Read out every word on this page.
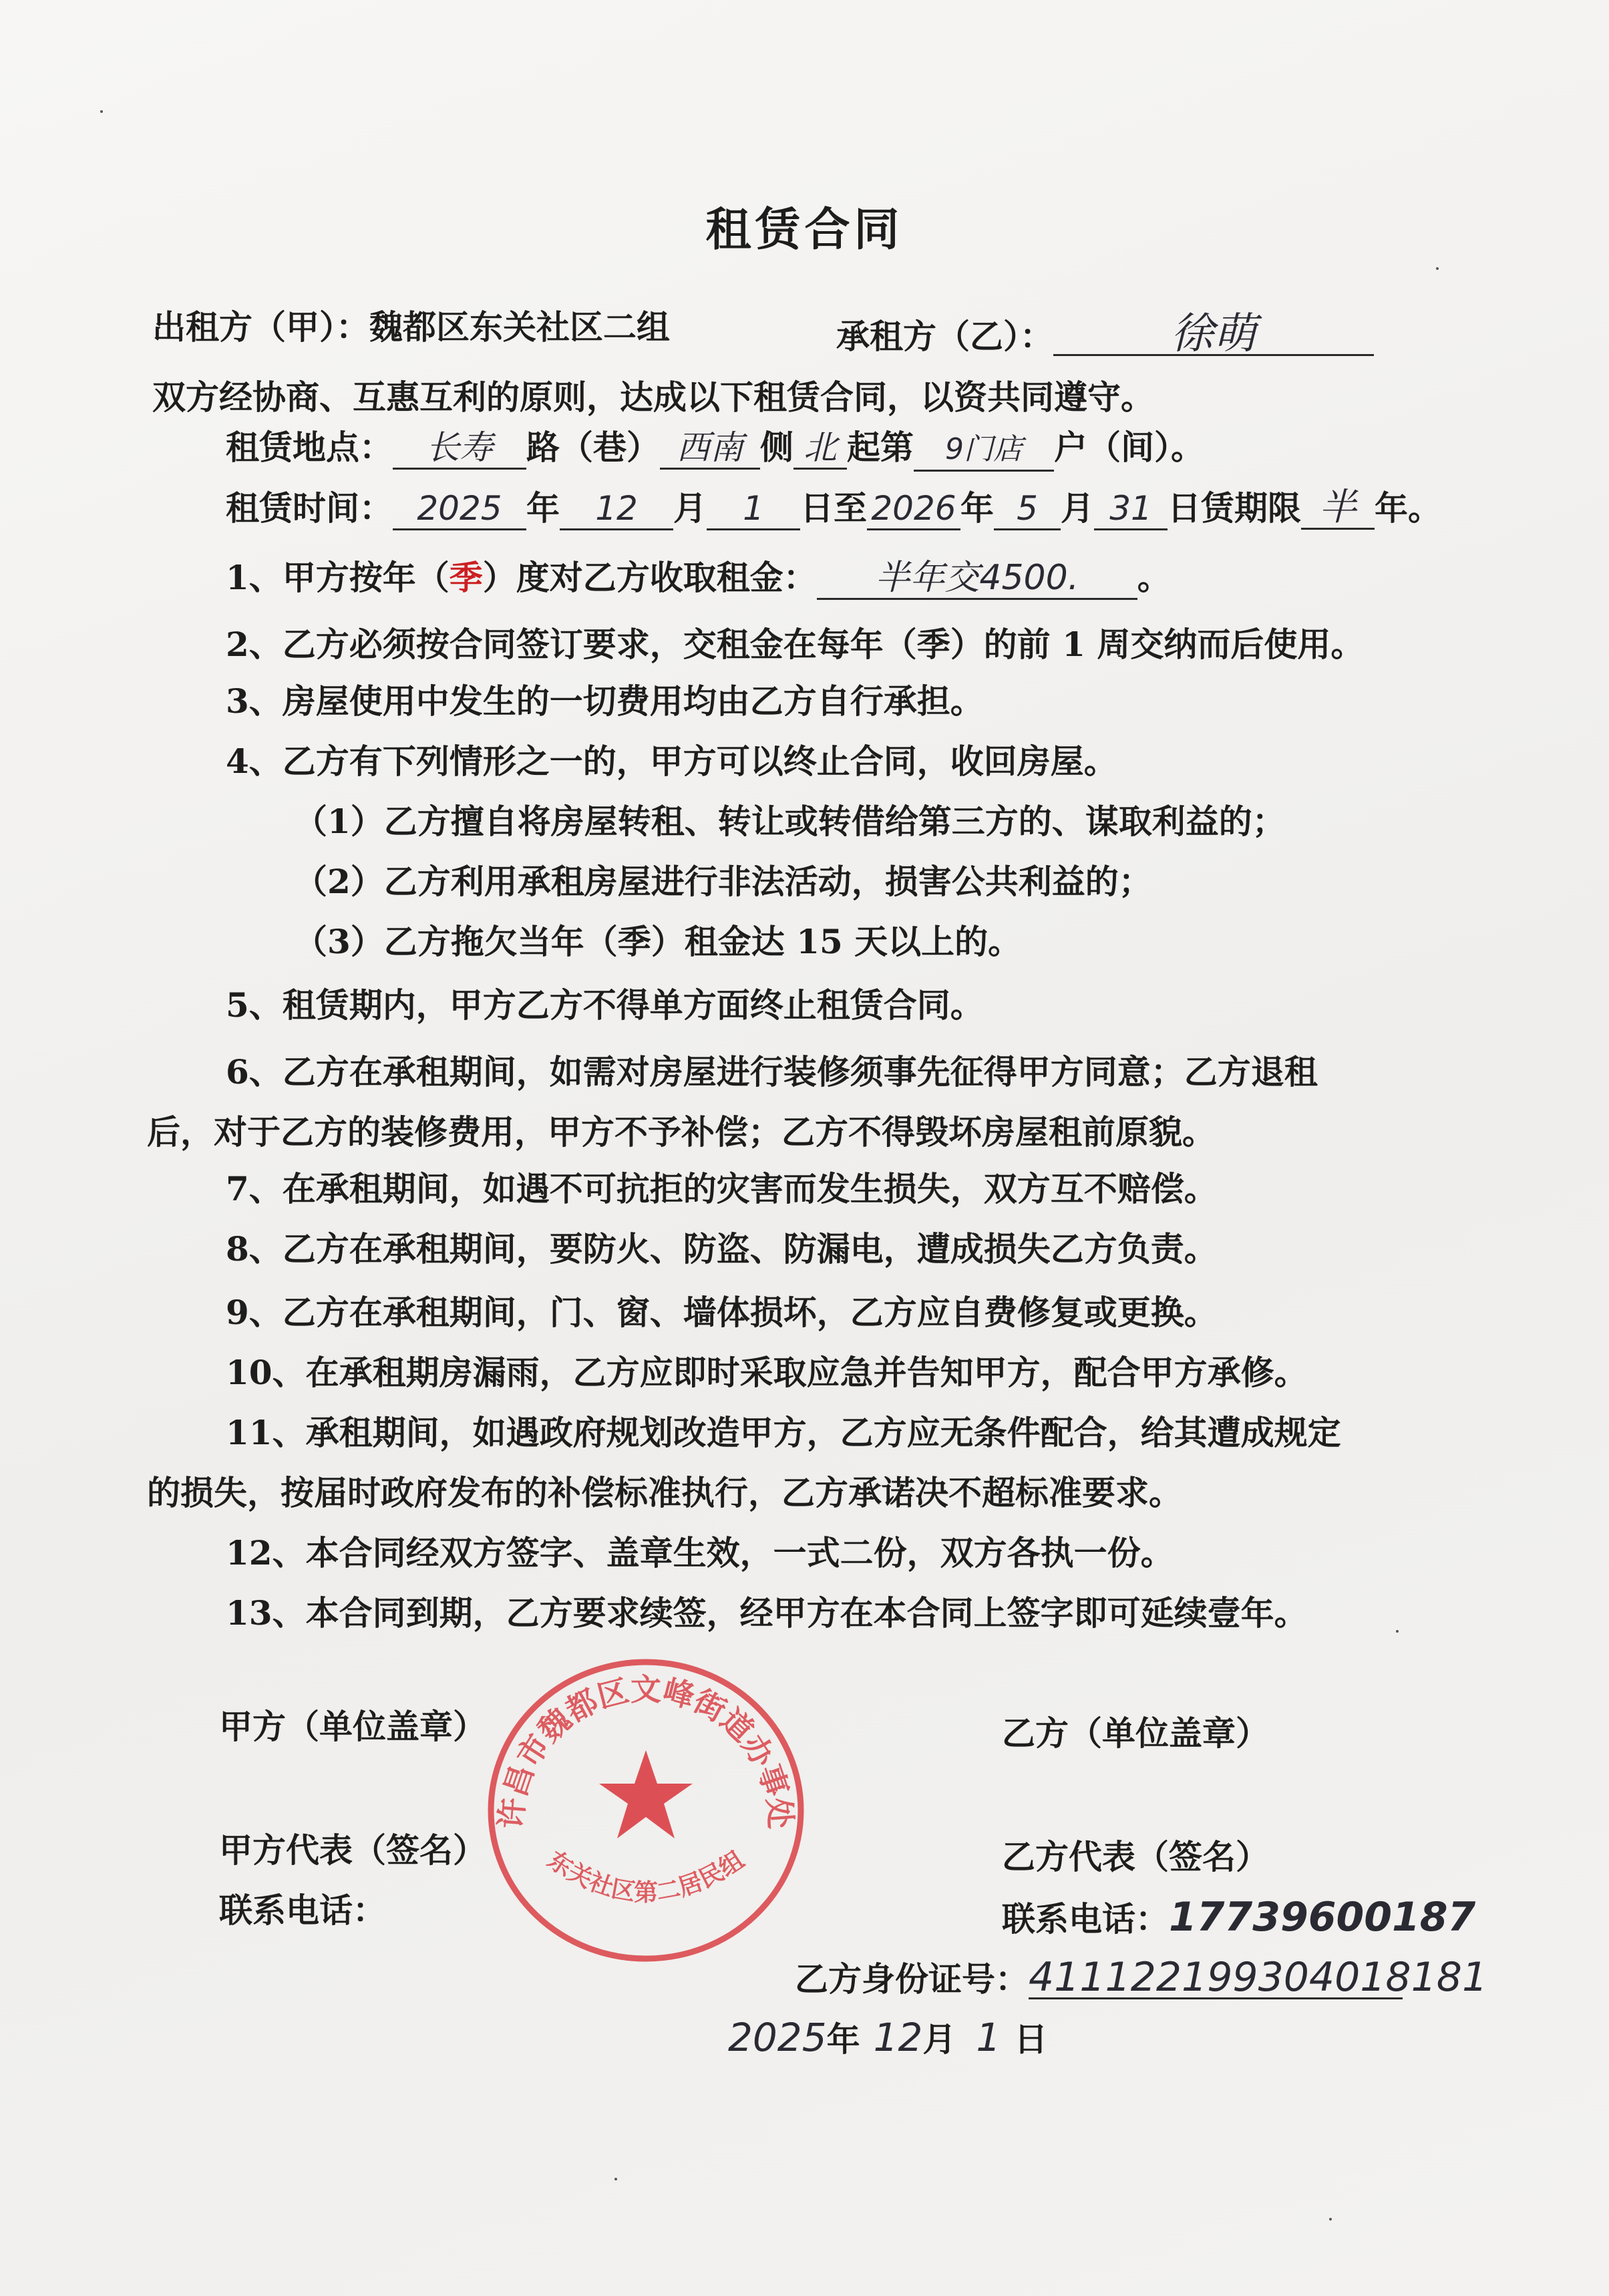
租赁合同
出租方（甲）：魏都区东关社区二组	承租方（乙）：	徐萌
双方经协商、互惠互利的原则，达成以下租赁合同，以资共同遵守。
租赁地点： 长寿 路（巷） 西南 侧 北 起第 9门店 户（间）。
租赁时间： 2025 年 12 月 1 日至 2026 年 5 月 31 日赁期限 半 年。
1、甲方按年（季）度对乙方收取租金： 半年交4500. 。
2、乙方必须按合同签订要求，交租金在每年（季）的前 1 周交纳而后使用。
3、房屋使用中发生的一切费用均由乙方自行承担。
4、乙方有下列情形之一的，甲方可以终止合同，收回房屋。
（1）乙方擅自将房屋转租、转让或转借给第三方的、谋取利益的；
（2）乙方利用承租房屋进行非法活动，损害公共利益的；
（3）乙方拖欠当年（季）租金达 15 天以上的。
5、租赁期内，甲方乙方不得单方面终止租赁合同。
6、乙方在承租期间，如需对房屋进行装修须事先征得甲方同意；乙方退租
后，对于乙方的装修费用，甲方不予补偿；乙方不得毁坏房屋租前原貌。
7、在承租期间，如遇不可抗拒的灾害而发生损失，双方互不赔偿。
8、乙方在承租期间，要防火、防盗、防漏电，遭成损失乙方负责。
9、乙方在承租期间，门、窗、墙体损坏，乙方应自费修复或更换。
10、在承租期房漏雨，乙方应即时采取应急并告知甲方，配合甲方承修。
11、承租期间，如遇政府规划改造甲方，乙方应无条件配合，给其遭成规定
的损失，按届时政府发布的补偿标准执行，乙方承诺决不超标准要求。
12、本合同经双方签字、盖章生效，一式二份，双方各执一份。
13、本合同到期，乙方要求续签，经甲方在本合同上签字即可延续壹年。
甲方（单位盖章）	乙方（单位盖章）
甲方代表（签名）	乙方代表（签名）
联系电话：	联系电话：17739600187
乙方身份证号：411122199304018181
2025年 12月 1 日
许昌市魏都区文峰街道办事处
东关社区第二居民组
